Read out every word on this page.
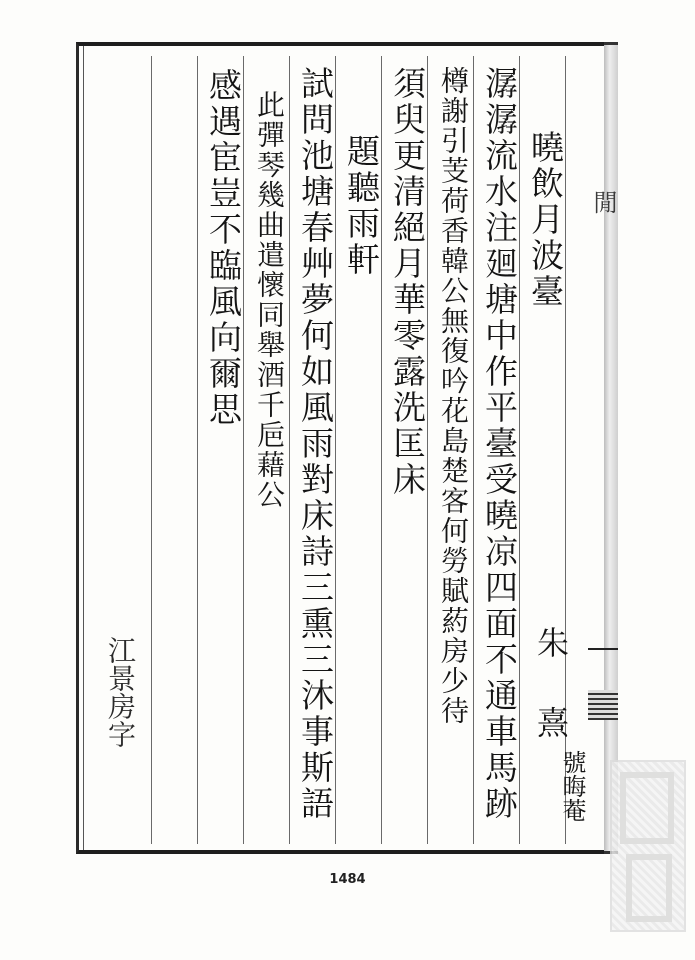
曉飲月波臺
潺潺流水注廻塘中作平臺受曉凉四面不通車馬跡
樽謝引芰荷香韓公無復吟花島楚客何勞賦葯房少待
須臾更清絕月華零露洗匡床
題聽雨軒
試問池塘春艸夢何如風雨對床詩三熏三沐事斯語
此彈琴幾曲遣懷同舉酒千巵藉公
感遇宦豈不臨風向爾思
朱
熹
號晦菴
江景房字
閒
1484
